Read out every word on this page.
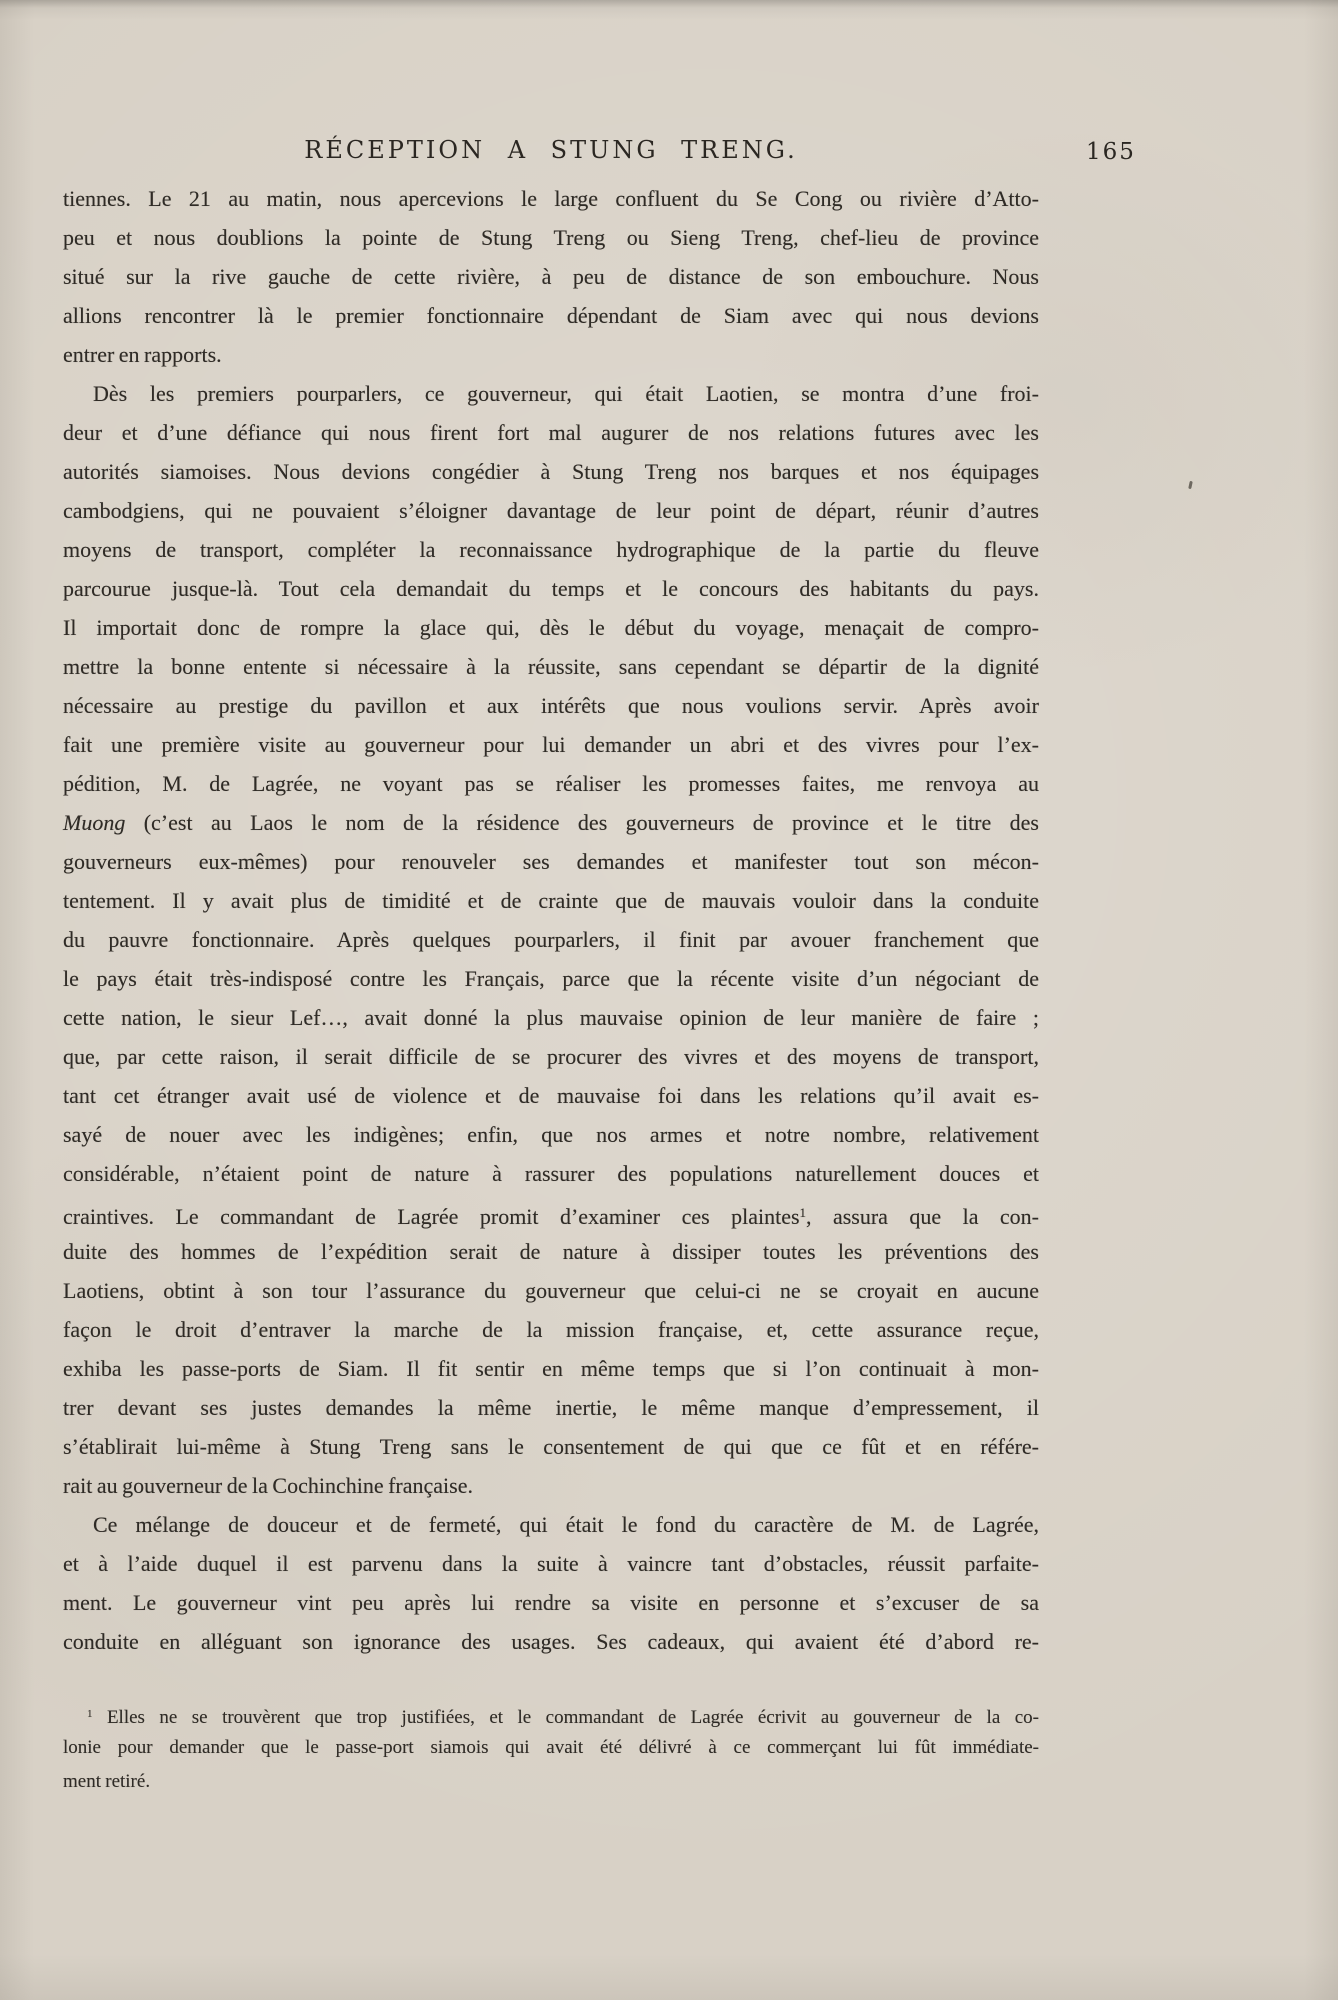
RÉCEPTION A STUNG TRENG.	165
tiennes. Le 21 au matin, nous apercevions le large confluent du Se Cong ou rivière d’Atto-
peu et nous doublions la pointe de Stung Treng ou Sieng Treng, chef-lieu de province
situé sur la rive gauche de cette rivière, à peu de distance de son embouchure. Nous
allions rencontrer là le premier fonctionnaire dépendant de Siam avec qui nous devions
entrer en rapports.
Dès les premiers pourparlers, ce gouverneur, qui était Laotien, se montra d’une froi-
deur et d’une défiance qui nous firent fort mal augurer de nos relations futures avec les
autorités siamoises. Nous devions congédier à Stung Treng nos barques et nos équipages
cambodgiens, qui ne pouvaient s’éloigner davantage de leur point de départ, réunir d’autres
moyens de transport, compléter la reconnaissance hydrographique de la partie du fleuve
parcourue jusque-là. Tout cela demandait du temps et le concours des habitants du pays.
Il importait donc de rompre la glace qui, dès le début du voyage, menaçait de compro-
mettre la bonne entente si nécessaire à la réussite, sans cependant se départir de la dignité
nécessaire au prestige du pavillon et aux intérêts que nous voulions servir. Après avoir
fait une première visite au gouverneur pour lui demander un abri et des vivres pour l’ex-
pédition, M. de Lagrée, ne voyant pas se réaliser les promesses faites, me renvoya au
Muong (c’est au Laos le nom de la résidence des gouverneurs de province et le titre des
gouverneurs eux-mêmes) pour renouveler ses demandes et manifester tout son mécon-
tentement. Il y avait plus de timidité et de crainte que de mauvais vouloir dans la conduite
du pauvre fonctionnaire. Après quelques pourparlers, il finit par avouer franchement que
le pays était très-indisposé contre les Français, parce que la récente visite d’un négociant de
cette nation, le sieur Lef…, avait donné la plus mauvaise opinion de leur manière de faire ;
que, par cette raison, il serait difficile de se procurer des vivres et des moyens de transport,
tant cet étranger avait usé de violence et de mauvaise foi dans les relations qu’il avait es-
sayé de nouer avec les indigènes; enfin, que nos armes et notre nombre, relativement
considérable, n’étaient point de nature à rassurer des populations naturellement douces et
craintives. Le commandant de Lagrée promit d’examiner ces plaintes$^1$, assura que la con-
duite des hommes de l’expédition serait de nature à dissiper toutes les préventions des
Laotiens, obtint à son tour l’assurance du gouverneur que celui-ci ne se croyait en aucune
façon le droit d’entraver la marche de la mission française, et, cette assurance reçue,
exhiba les passe-ports de Siam. Il fit sentir en même temps que si l’on continuait à mon-
trer devant ses justes demandes la même inertie, le même manque d’empressement, il
s’établirait lui-même à Stung Treng sans le consentement de qui que ce fût et en référe-
rait au gouverneur de la Cochinchine française.
Ce mélange de douceur et de fermeté, qui était le fond du caractère de M. de Lagrée,
et à l’aide duquel il est parvenu dans la suite à vaincre tant d’obstacles, réussit parfaite-
ment. Le gouverneur vint peu après lui rendre sa visite en personne et s’excuser de sa
conduite en alléguant son ignorance des usages. Ses cadeaux, qui avaient été d’abord re-
$^1$ Elles ne se trouvèrent que trop justifiées, et le commandant de Lagrée écrivit au gouverneur de la co-
lonie pour demander que le passe-port siamois qui avait été délivré à ce commerçant lui fût immédiate-
ment retiré.
